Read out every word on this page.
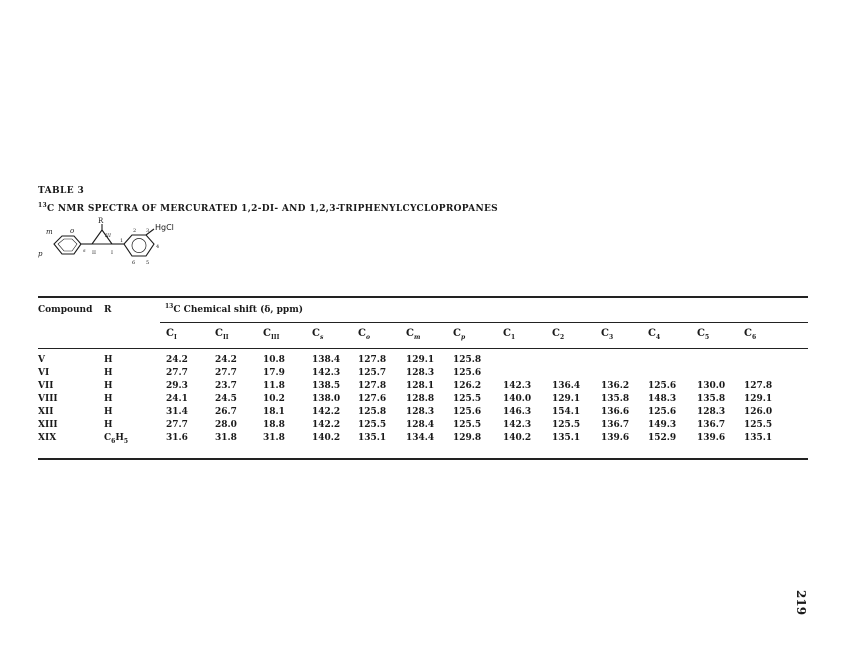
TABLE 3
$^{13}$C NMR SPECTRA OF MERCURATED 1,2-DI- AND 1,2,3-TRIPHENYLCYCLOPROPANES
m o
p	s
R
III
II	I
2 3
1
4
6 5
HgCl
Compound R	$^{13}$C Chemical shift (δ, ppm)
$C_I$	$C_{II}$	$C_{III}$	$C_s$	$C_o$	$C_m$	$C_p$	$C_1$	$C_2$	$C_3$	$C_4$	$C_5$	$C_6$
V	H	24.2	24.2	10.8	138.4 127.8 129.1 125.8
VI	H	27.7	27.7	17.9	142.3 125.7 128.3 125.6
VII	H	29.3	23.7	11.8	138.5 127.8 128.1 126.2 142.3 136.4 136.2 125.6 130.0 127.8
VIII	H	24.1	24.5	10.2	138.0 127.6 128.8 125.5 140.0 129.1 135.8 148.3 135.8 129.1
XII	H	31.4	26.7	18.1	142.2 125.8 128.3 125.6 146.3 154.1 136.6 125.6 128.3 126.0
XIII	H	27.7	28.0	18.8	142.2 125.5 128.4 125.5 142.3 125.5 136.7 149.3 136.7 125.5
XIX	$C_6H_5$	31.6	31.8	31.8	140.2 135.1 134.4 129.8 140.2 135.1 139.6 152.9 139.6 135.1
219
